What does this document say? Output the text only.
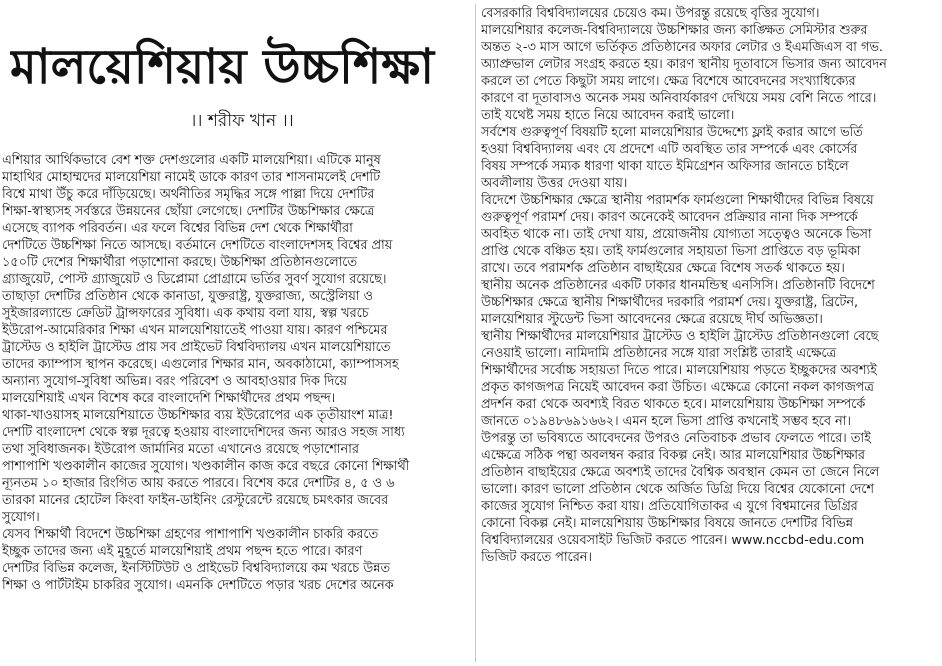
মালয়েশিয়ায় উচ্চশিক্ষা
।। শরীফ খান ।।
এশিয়ার আর্থিকভাবে বেশ শক্ত দেশগুলোর একটি মালয়েশিয়া। এটিকে মানুষ
মাহাথির মোহাম্মদের মালয়েশিয়া নামেই ডাকে কারণ তার শাসনামলেই দেশটি
বিশ্বে মাথা উঁচু করে দাঁড়িয়েছে। অর্থনীতির সমৃদ্ধির সঙ্গে পাল্লা দিয়ে দেশটির
শিক্ষা-স্বাস্থ্যসহ সর্বস্তরে উন্নয়নের ছোঁয়া লেগেছে। দেশটির উচ্চশিক্ষার ক্ষেত্রে
এসেছে ব্যাপক পরিবর্তন। এর ফলে বিশ্বের বিভিন্ন দেশ থেকে শিক্ষার্থীরা
দেশটিতে উচ্চশিক্ষা নিতে আসছে। বর্তমানে দেশটিতে বাংলাদেশসহ বিশ্বের প্রায়
১৫০টি দেশের শিক্ষার্থীরা পড়াশোনা করছে। উচ্চশিক্ষা প্রতিষ্ঠানগুলোতে
গ্র্যাজুয়েট, পোস্ট গ্র্যাজুয়েট ও ডিপ্লোমা প্রোগ্রামে ভর্তির সুবর্ণ সুযোগ রয়েছে।
তাছাড়া দেশটির প্রতিষ্ঠান থেকে কানাডা, যুক্তরাষ্ট্র, যুক্তরাজ্য, অস্ট্রেলিয়া ও
সুইজারল্যান্ডে ক্রেডিট ট্রান্সফারের সুবিধা। এক কথায় বলা যায়, স্বল্প খরচে
ইউরোপ-আমেরিকার শিক্ষা এখন মালয়েশিয়াতেই পাওয়া যায়। কারণ পশ্চিমের
ট্রাস্টেড ও হাইলি ট্রাস্টেড প্রায় সব প্রাইভেট বিশ্ববিদ্যালয় এখন মালয়েশিয়াতে
তাদের ক্যাম্পাস স্থাপন করেছে। এগুলোর শিক্ষার মান, অবকাঠামো, ক্যাম্পাসসহ
অন্যান্য সুযোগ-সুবিধা অভিন্ন। বরং পরিবেশ ও আবহাওয়ার দিক দিয়ে
মালয়েশিয়াই এখন বিশেষ করে বাংলাদেশি শিক্ষার্থীদের প্রথম পছন্দ।
থাকা-খাওয়াসহ মালয়েশিয়াতে উচ্চশিক্ষার ব্যয় ইউরোপের এক তৃতীয়াংশ মাত্র!
দেশটি বাংলাদেশ থেকে স্বল্প দূরত্বে হওয়ায় বাংলাদেশিদের জন্য আরও সহজ সাধ্য
তথা সুবিধাজনক। ইউরোপ জার্মানির মতো এখানেও রয়েছে পড়াশোনার
পাশাপাশি খণ্ডকালীন কাজের সুযোগ। খণ্ডকালীন কাজ করে বছরে কোনো শিক্ষার্থী
ন্যূনতম ১০ হাজার রিংগিত আয় করতে পারবে। বিশেষ করে দেশটির ৪, ৫ ও ৬
তারকা মানের হোটেল কিংবা ফাইন-ডাইনিং রেস্টুরেন্টে রয়েছে চমৎকার জবের
সুযোগ।
যেসব শিক্ষার্থী বিদেশে উচ্চশিক্ষা গ্রহণের পাশাপাশি খণ্ডকালীন চাকরি করতে
ইচ্ছুক তাদের জন্য এই মুহূর্তে মালয়েশিয়াই প্রথম পছন্দ হতে পারে। কারণ
দেশটির বিভিন্ন কলেজ, ইনস্টিটিউট ও প্রাইভেট বিশ্ববিদ্যালয়ে কম খরচে উন্নত
শিক্ষা ও পার্টটাইম চাকরির সুযোগ। এমনকি দেশটিতে পড়ার খরচ দেশের অনেক
বেসরকারি বিশ্ববিদ্যালয়ের চেয়েও কম। উপরন্তু রয়েছে বৃত্তির সুযোগ।
মালয়েশিয়ার কলেজ-বিশ্ববিদ্যালয়ে উচ্চশিক্ষার জন্য কাঙ্ক্ষিত সেমিস্টার শুরুর
অন্তত ২-৩ মাস আগে ভর্তিকৃত প্রতিষ্ঠানের অফার লেটার ও ইএমজিএস বা গভ.
অ্যাপ্রুভাল লেটার সংগ্রহ করতে হয়। কারণ স্থানীয় দূতাবাসে ভিসার জন্য আবেদন
করলে তা পেতে কিছুটা সময় লাগে। ক্ষেত্র বিশেষে আবেদনের সংখ্যাধিক্যের
কারণে বা দূতাবাসও অনেক সময় অনিবার্যকারণ দেখিয়ে সময় বেশি নিতে পারে।
তাই যথেষ্ট সময় হাতে নিয়ে আবেদন করাই ভালো।
সর্বশেষ গুরুত্বপূর্ণ বিষয়টি হলো মালয়েশিয়ার উদ্দেশ্যে ফ্লাই করার আগে ভর্তি
হওয়া বিশ্ববিদ্যালয় এবং যে প্রদেশে এটি অবস্থিত তার সম্পর্কে এবং কোর্সের
বিষয় সম্পর্কে সম্যক ধারণা থাকা যাতে ইমিগ্রেশন অফিসার জানতে চাইলে
অবলীলায় উত্তর দেওয়া যায়।
বিদেশে উচ্চশিক্ষার ক্ষেত্রে স্থানীয় পরামর্শক ফার্মগুলো শিক্ষার্থীদের বিভিন্ন বিষয়ে
গুরুত্বপূর্ণ পরামর্শ দেয়। কারণ অনেকেই আবেদন প্রক্রিয়ার নানা দিক সম্পর্কে
অবহিত থাকে না। তাই দেখা যায়, প্রয়োজনীয় যোগ্যতা সত্ত্বেও অনেকে ভিসা
প্রাপ্তি থেকে বঞ্চিত হয়। তাই ফার্মগুলোর সহায়তা ভিসা প্রাপ্তিতে বড় ভূমিকা
রাখে। তবে পরামর্শক প্রতিষ্ঠান বাছাইয়ের ক্ষেত্রে বিশেষ সতর্ক থাকতে হয়।
স্থানীয় অনেক প্রতিষ্ঠানের একটি ঢাকার ধানমন্ডিস্থ এনসিসি। প্রতিষ্ঠানটি বিদেশে
উচ্চশিক্ষার ক্ষেত্রে স্থানীয় শিক্ষার্থীদের দরকারি পরামর্শ দেয়। যুক্তরাষ্ট্র, ব্রিটেন,
মালয়েশিয়ার স্টুডেন্ট ভিসা আবেদনের ক্ষেত্রে রয়েছে দীর্ঘ অভিজ্ঞতা।
স্থানীয় শিক্ষার্থীদের মালয়েশিয়ার ট্রাস্টেড ও হাইলি ট্রাস্টেড প্রতিষ্ঠানগুলো বেছে
নেওয়াই ভালো। নামিদামি প্রতিষ্ঠানের সঙ্গে যারা সংশ্লিষ্ট তারাই এক্ষেত্রে
শিক্ষার্থীদের সর্বোচ্চ সহায়তা দিতে পারে। মালয়েশিয়ায় পড়তে ইচ্ছুকদের অবশ্যই
প্রকৃত কাগজপত্র নিয়েই আবেদন করা উচিত। এক্ষেত্রে কোনো নকল কাগজপত্র
প্রদর্শন করা থেকে অবশ্যই বিরত থাকতে হবে। মালয়েশিয়ায় উচ্চশিক্ষা সম্পর্কে
জানতে ০১৯৪৮৬৯১৬৬২। এমন হলে ভিসা প্রাপ্তি কখনোই সম্ভব হবে না।
উপরন্তু তা ভবিষ্যতে আবেদনের উপরও নেতিবাচক প্রভাব ফেলতে পারে। তাই
এক্ষেত্রে সঠিক পন্থা অবলম্বন করার বিকল্প নেই। আর মালয়েশিয়ার উচ্চশিক্ষার
প্রতিষ্ঠান বাছাইয়ের ক্ষেত্রে অবশ্যই তাদের বৈশ্বিক অবস্থান কেমন তা জেনে নিলে
ভালো। কারণ ভালো প্রতিষ্ঠান থেকে অর্জিত ডিগ্রি দিয়ে বিশ্বের যেকোনো দেশে
কাজের সুযোগ নিশ্চিত করা যায়। প্রতিযোগিতাকর এ যুগে বিশ্বমানের ডিগ্রির
কোনো বিকল্প নেই। মালয়েশিয়ায় উচ্চশিক্ষার বিষয়ে জানতে দেশটির বিভিন্ন
বিশ্ববিদ্যালয়ের ওয়েবসাইট ভিজিট করতে পারেন। www.nccbd-edu.com
ভিজিট করতে পারেন।
